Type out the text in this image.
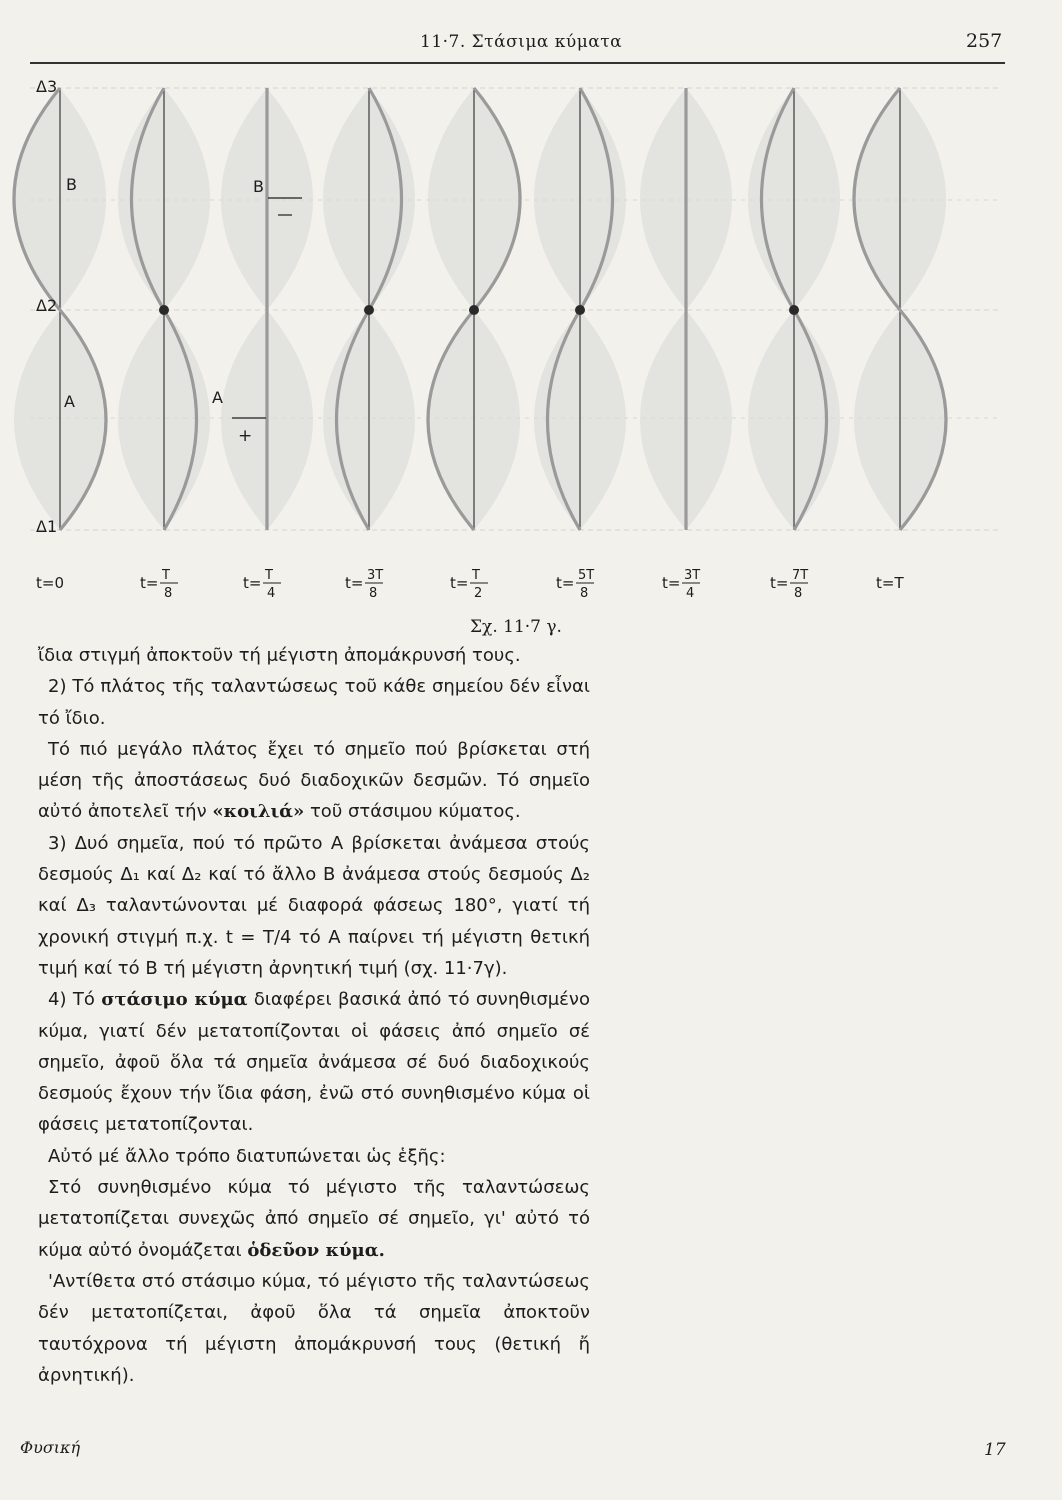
11·7. Στάσιμα κύματα	257
Δ3
Δ2
Δ1
B	B
A	A
+
t=0	t= T
8
t= T
4
t= 3T
8
t= T
2
t= 5T
8
t= 3T
4
t= 7T
8
t=T
Σχ. 11·7 γ.

ἴδια στιγμή ἀποκτοῦν τή μέγιστη ἀπομάκρυνσή τους.

2) Τό πλάτος τῆς ταλαντώσεως τοῦ κάθε σημείου δέν εἶναι τό ἴδιο.

Τό πιό μεγάλο πλάτος ἔχει τό σημεῖο πού βρίσκεται στή μέση τῆς ἀποστάσεως δυό διαδοχικῶν δεσμῶν. Τό σημεῖο αὐτό ἀποτελεῖ τήν «κοιλιά» τοῦ στάσιμου κύματος.

3) Δυό σημεῖα, πού τό πρῶτο Α βρίσκεται ἀνάμεσα στούς δεσμούς Δ₁ καί Δ₂ καί τό ἄλλο Β ἀνάμεσα στούς δεσμούς Δ₂ καί Δ₃ ταλαντώνονται μέ διαφορά φάσεως 180°, γιατί τή χρονική στιγμή π.χ. t = T/4 τό Α παίρνει τή μέγιστη θετική τιμή καί τό Β τή μέγιστη ἀρνητική τιμή (σχ. 11·7γ).

4) Τό στάσιμο κύμα διαφέρει βασικά ἀπό τό συνηθισμένο κύμα, γιατί δέν μετατοπίζονται οἱ φάσεις ἀπό σημεῖο σέ σημεῖο, ἀφοῦ ὅλα τά σημεῖα ἀνάμεσα σέ δυό διαδοχικούς δεσμούς ἔχουν τήν ἴδια φάση, ἐνῶ στό συνηθισμένο κύμα οἱ φάσεις μετατοπίζονται.

Αὐτό μέ ἄλλο τρόπο διατυπώνεται ὡς ἑξῆς:

Στό συνηθισμένο κύμα τό μέγιστο τῆς ταλαντώσεως μετατοπίζεται συνεχῶς ἀπό σημεῖο σέ σημεῖο, γι' αὐτό τό κύμα αὐτό ὀνομάζεται ὁδεῦον κύμα.

'Αντίθετα στό στάσιμο κύμα, τό μέγιστο τῆς ταλαντώσεως δέν μετατοπίζεται, ἀφοῦ ὅλα τά σημεῖα ἀποκτοῦν ταυτόχρονα τή μέγιστη ἀπομάκρυνσή τους (θετική ἤ ἀρνητική).

Φυσική	17
